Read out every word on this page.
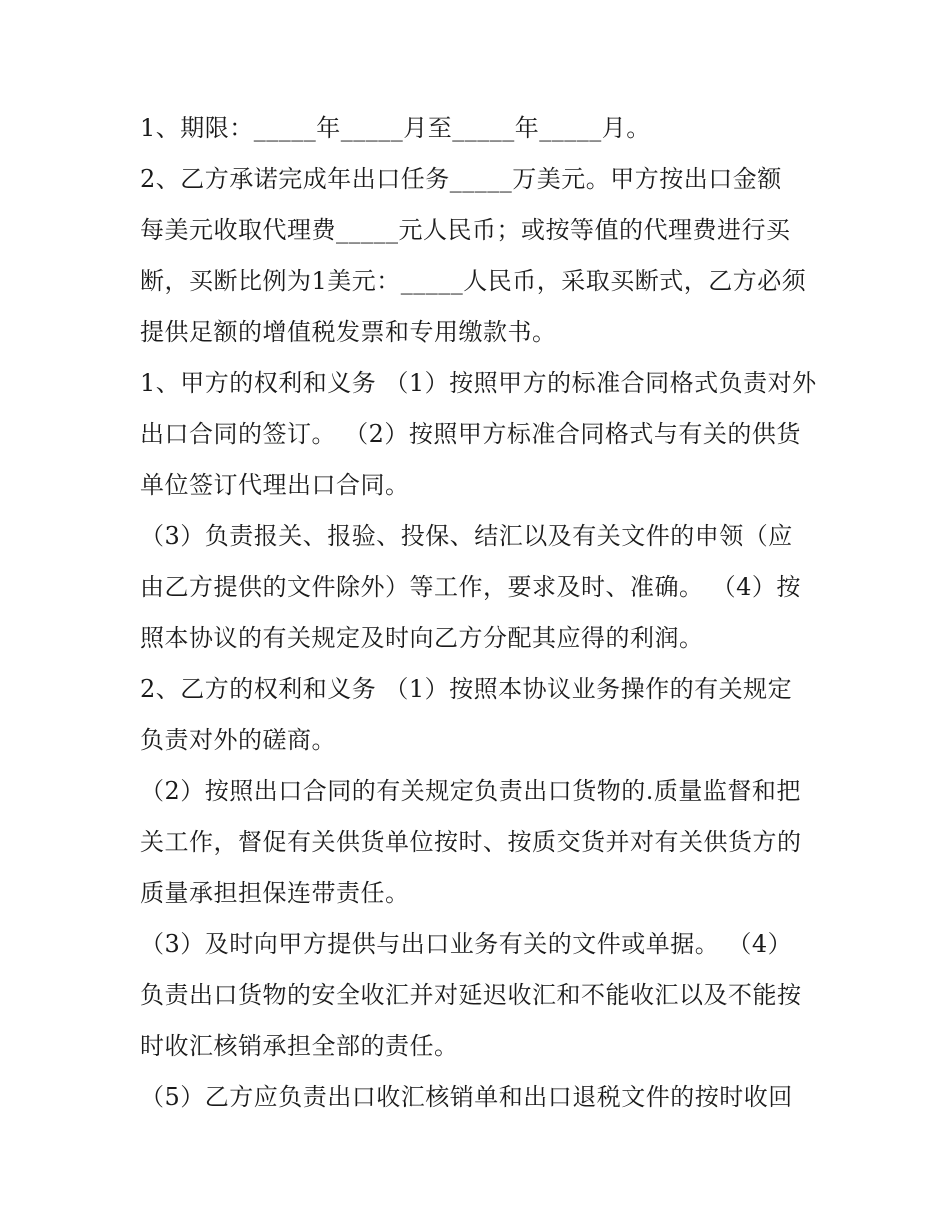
1、期限：_____年_____月至_____年_____月。
2、乙方承诺完成年出口任务_____万美元。甲方按出口金额
每美元收取代理费_____元人民币；或按等值的代理费进行买
断，买断比例为1美元：_____人民币，采取买断式，乙方必须
提供足额的增值税发票和专用缴款书。
1、甲方的权利和义务 （1）按照甲方的标准合同格式负责对外
出口合同的签订。 （2）按照甲方标准合同格式与有关的供货
单位签订代理出口合同。
（3）负责报关、报验、投保、结汇以及有关文件的申领（应
由乙方提供的文件除外）等工作，要求及时、准确。 （4）按
照本协议的有关规定及时向乙方分配其应得的利润。
2、乙方的权利和义务 （1）按照本协议业务操作的有关规定
负责对外的磋商。
（2）按照出口合同的有关规定负责出口货物的.质量监督和把
关工作，督促有关供货单位按时、按质交货并对有关供货方的
质量承担担保连带责任。
（3）及时向甲方提供与出口业务有关的文件或单据。 （4）
负责出口货物的安全收汇并对延迟收汇和不能收汇以及不能按
时收汇核销承担全部的责任。
（5）乙方应负责出口收汇核销单和出口退税文件的按时收回
